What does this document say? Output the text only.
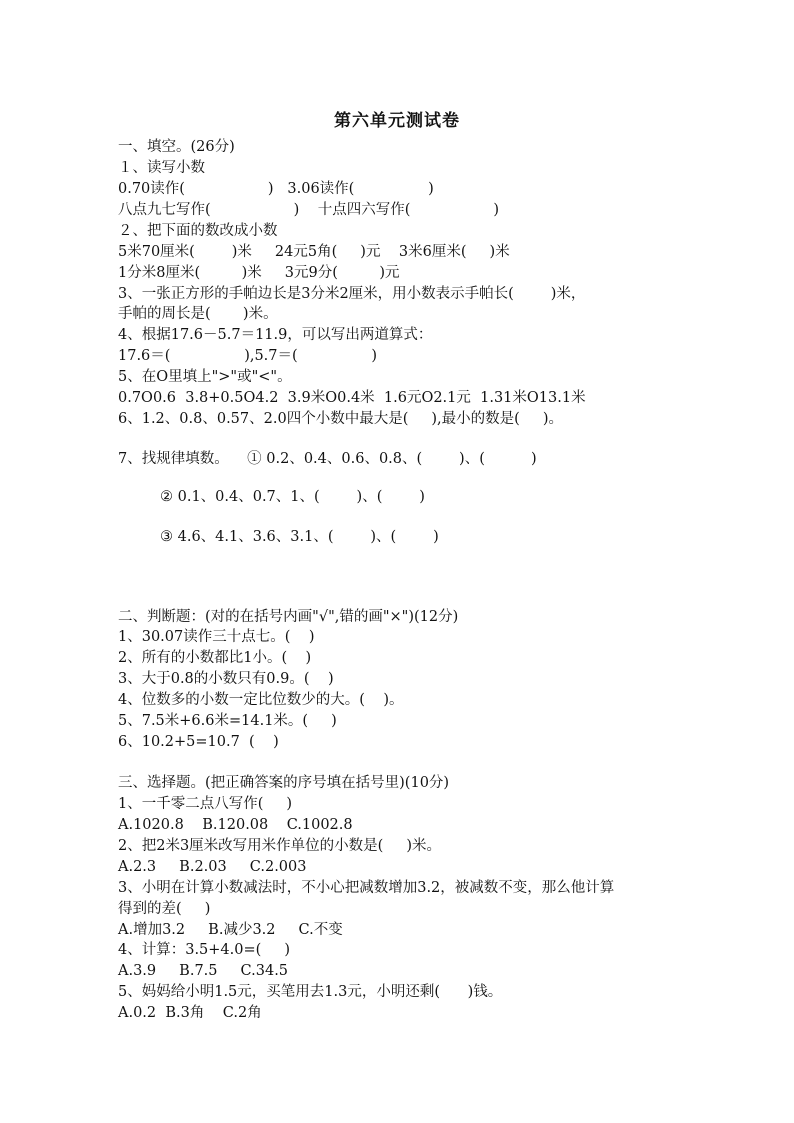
第六单元测试卷
一、填空。(26分)
１、读写小数
0.70读作(                  )   3.06读作(                )
八点九七写作(                  )    十点四六写作(                  )
２、把下面的数改成小数
5米70厘米(        )米     24元5角(     )元    3米6厘米(     )米
1分米8厘米(         )米     3元9分(         )元
3、一张正方形的手帕边长是3分米2厘米，用小数表示手帕长(        )米，
手帕的周长是(       )米。
4、根据17.6－5.7＝11.9，可以写出两道算式：
17.6＝(                ),5.7＝(                )
5、在O里填上">"或"<"。
0.7O0.6  3.8+0.5O4.2  3.9米O0.4米  1.6元O2.1元  1.31米O13.1米
6、1.2、0.8、0.57、2.0四个小数中最大是(     ),最小的数是(     )。
7、找规律填数。    ① 0.2、0.4、0.6、0.8、(        )、(          )
② 0.1、0.4、0.7、1、(        )、(        )
③ 4.6、4.1、3.6、3.1、(        )、(        )
二、判断题：(对的在括号内画"√",错的画"×")(12分)
1、30.07读作三十点七。(    )
2、所有的小数都比1小。(    )
3、大于0.8的小数只有0.9。(    )
4、位数多的小数一定比位数少的大。(    )。
5、7.5米+6.6米=14.1米。(     )
6、10.2+5=10.7  (    )
三、选择题。(把正确答案的序号填在括号里)(10分)
1、一千零二点八写作(     )
A.1020.8    B.120.08    C.1002.8
2、把2米3厘米改写用米作单位的小数是(     )米。
A.2.3     B.2.03     C.2.003
3、小明在计算小数减法时，不小心把减数增加3.2，被减数不变，那么他计算
得到的差(     )
A.增加3.2     B.减少3.2     C.不变
4、计算：3.5+4.0=(     )
A.3.9     B.7.5     C.34.5
5、妈妈给小明1.5元，买笔用去1.3元，小明还剩(      )钱。
A.0.2  B.3角    C.2角
